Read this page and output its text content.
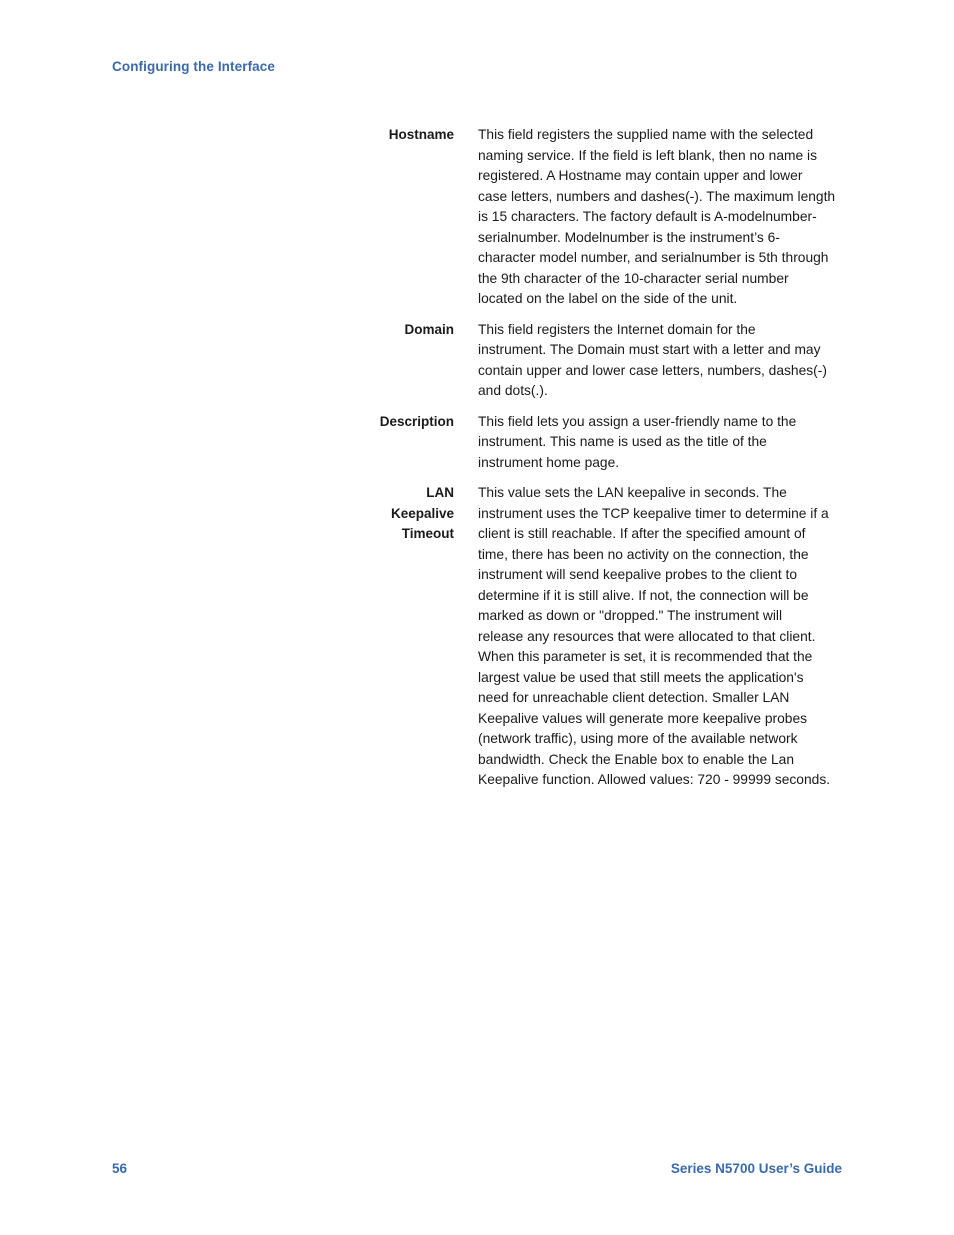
Configuring the Interface
Hostname This field registers the supplied name with the selected
naming service. If the field is left blank, then no name is
registered. A Hostname may contain upper and lower
case letters, numbers and dashes(-). The maximum length
is 15 characters. The factory default is A-modelnumber-
serialnumber. Modelnumber is the instrument’s 6-
character model number, and serialnumber is 5th through
the 9th character of the 10-character serial number
located on the label on the side of the unit.
Domain This field registers the Internet domain for the
instrument. The Domain must start with a letter and may
contain upper and lower case letters, numbers, dashes(-)
and dots(.).
Description This field lets you assign a user-friendly name to the
instrument. This name is used as the title of the
instrument home page.
LAN
Keepalive
Timeout
This value sets the LAN keepalive in seconds. The
instrument uses the TCP keepalive timer to determine if a
client is still reachable. If after the specified amount of
time, there has been no activity on the connection, the
instrument will send keepalive probes to the client to
determine if it is still alive. If not, the connection will be
marked as down or "dropped." The instrument will
release any resources that were allocated to that client.
When this parameter is set, it is recommended that the
largest value be used that still meets the application's
need for unreachable client detection. Smaller LAN
Keepalive values will generate more keepalive probes
(network traffic), using more of the available network
bandwidth. Check the Enable box to enable the Lan
Keepalive function. Allowed values: 720 - 99999 seconds.
56	Series N5700 User’s Guide
